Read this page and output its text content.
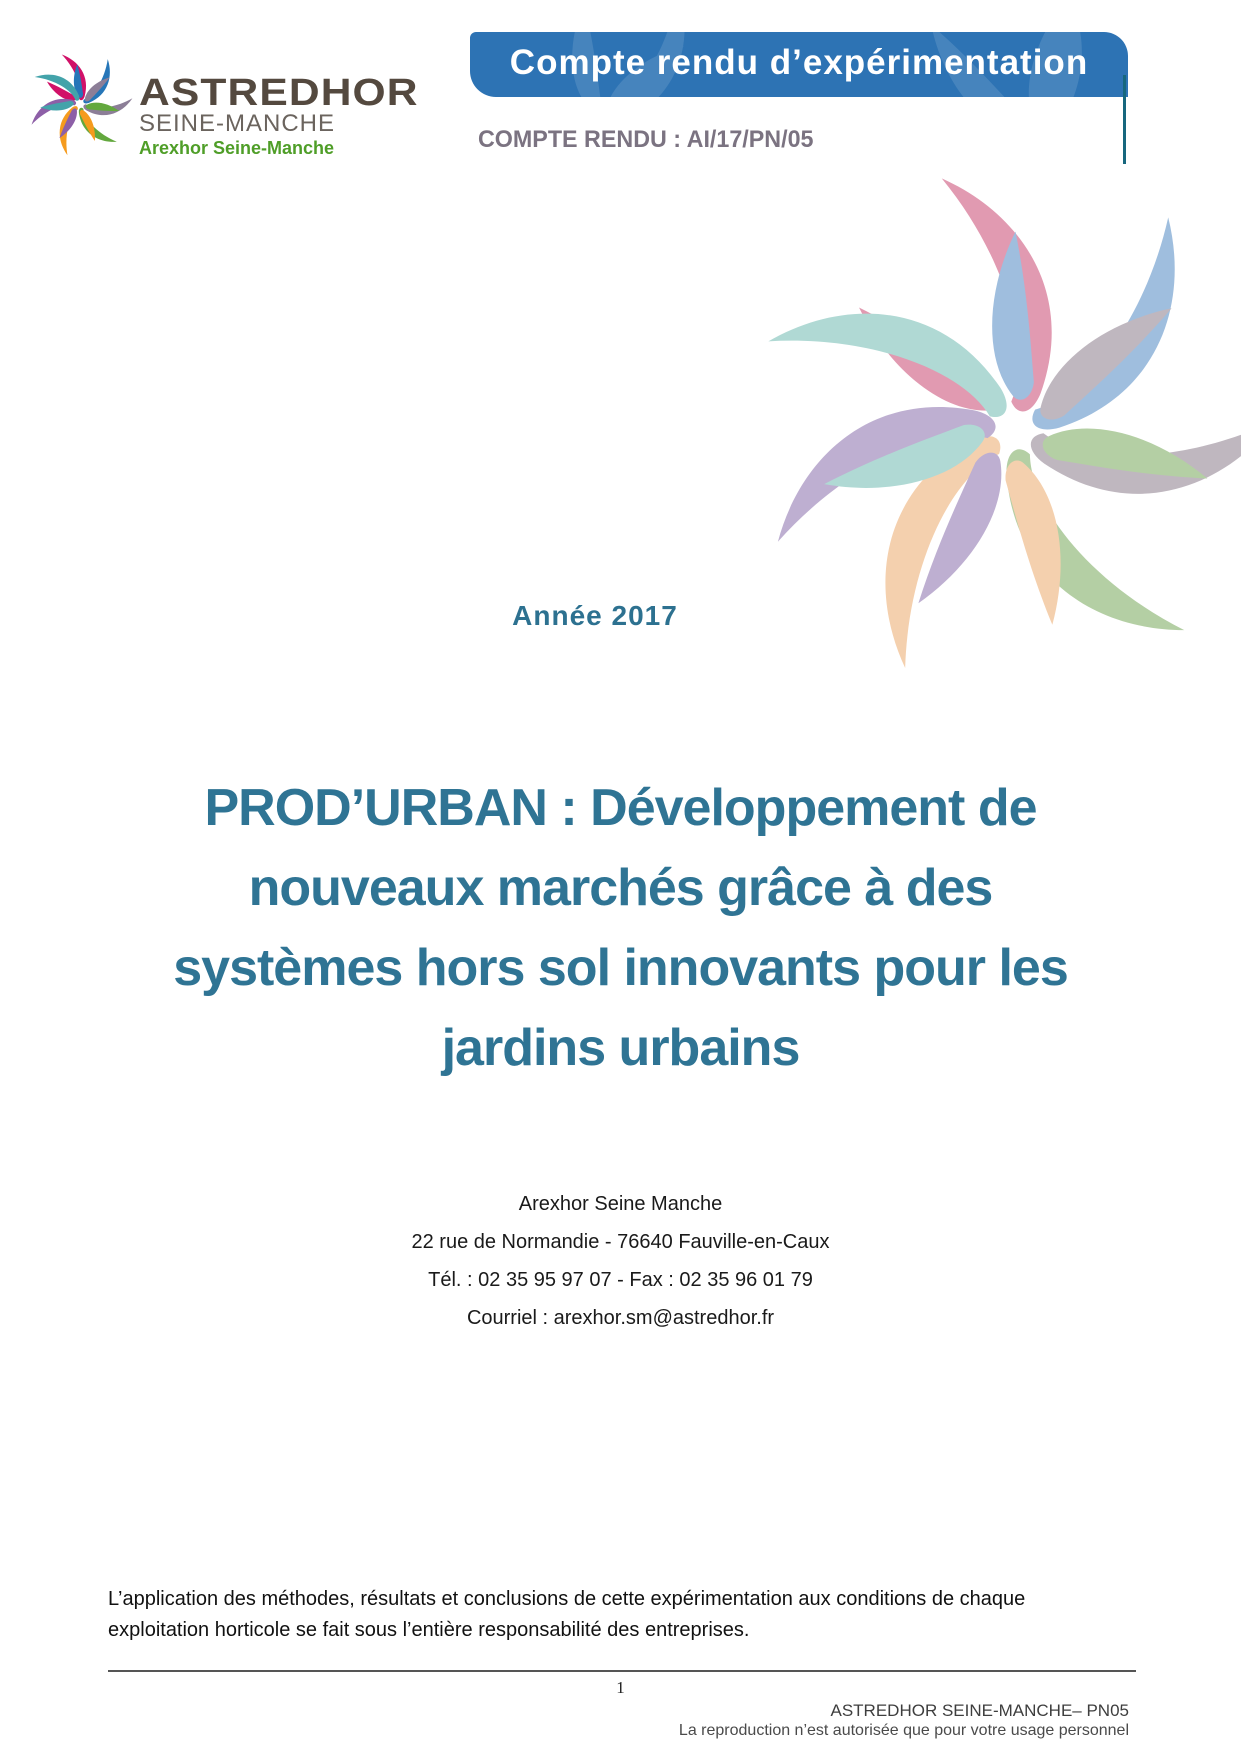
ASTREDHOR
SEINE-MANCHE
Arexhor Seine-Manche
Compte rendu d’expérimentation
COMPTE RENDU : AI/17/PN/05
Année 2017
PROD’URBAN : Développement de
nouveaux marchés grâce à des
systèmes hors sol innovants pour les
jardins urbains
Arexhor Seine Manche
22 rue de Normandie - 76640 Fauville-en-Caux
Tél. : 02 35 95 97 07 - Fax : 02 35 96 01 79
Courriel : arexhor.sm@astredhor.fr
L’application des méthodes, résultats et conclusions de cette expérimentation aux conditions de chaque exploitation horticole se fait sous l’entière responsabilité des entreprises.
1
ASTREDHOR SEINE-MANCHE– PN05
La reproduction n’est autorisée que pour votre usage personnel
